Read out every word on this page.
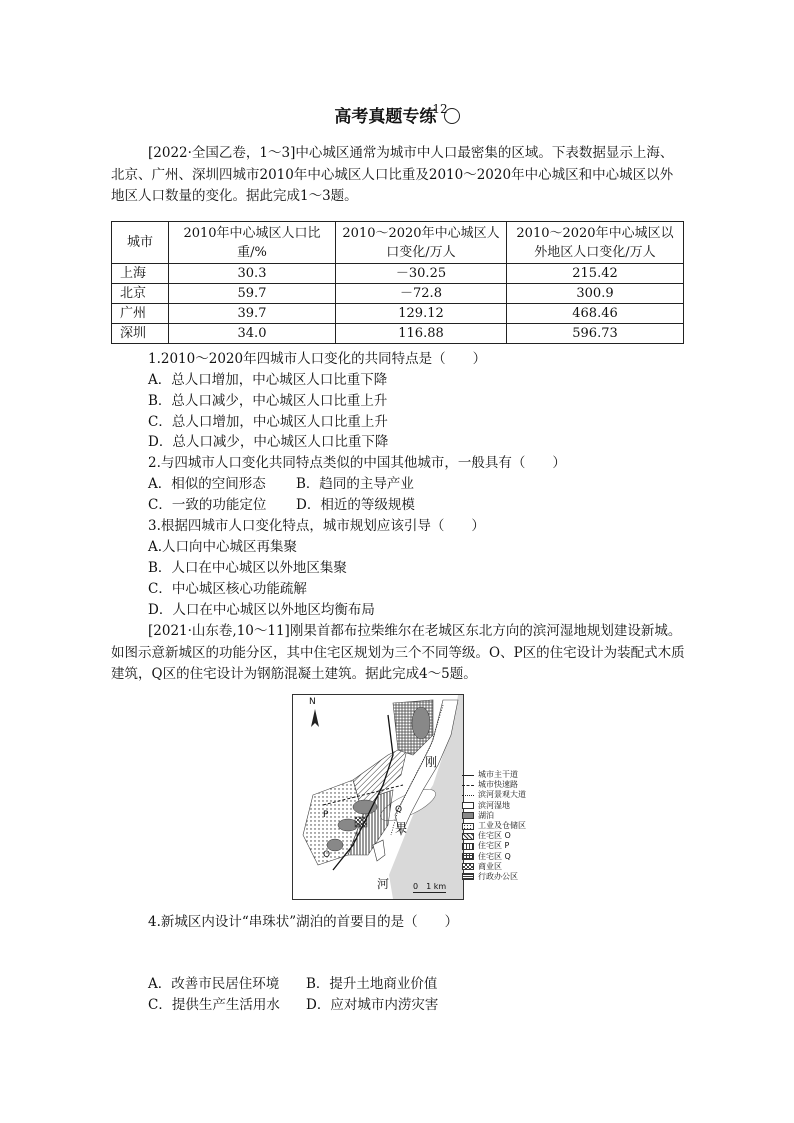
高考真题专练$^{12}$
[2022·全国乙卷，1～3]中心城区通常为城市中人口最密集的区域。下表数据显示上海、北京、广州、深圳四城市2010年中心城区人口比重及2010～2020年中心城区和中心城区以外地区人口数量的变化。据此完成1～3题。
城市	2010年中心城区人口比重/%	2010～2020年中心城区人口变化/万人	2010～2020年中心城区以外地区人口变化/万人
上海	30.3	－30.25	215.42
北京	59.7	－72.8	300.9
广州	39.7	129.12	468.46
深圳	34.0	116.88	596.73
1.2010～2020年四城市人口变化的共同特点是（　　）
A．总人口增加，中心城区人口比重下降
B．总人口减少，中心城区人口比重上升
C．总人口增加，中心城区人口比重上升
D．总人口减少，中心城区人口比重下降
2.与四城市人口变化共同特点类似的中国其他城市，一般具有（　　）
A．相似的空间形态 B．趋同的主导产业
C．一致的功能定位 D．相近的等级规模
3.根据四城市人口变化特点，城市规划应该引导（　　）
A.人口向中心城区再集聚
B．人口在中心城区以外地区集聚
C．中心城区核心功能疏解
D．人口在中心城区以外地区均衡布局
[2021·山东卷,10～11]刚果首都布拉柴维尔在老城区东北方向的滨河湿地规划建设新城。如图示意新城区的功能分区，其中住宅区规划为三个不同等级。O、P区的住宅设计为装配式木质建筑，Q区的住宅设计为钢筋混凝土建筑。据此完成4～5题。
N
刚
果
河
P	Q
O
0　1 km
城市主干道
城市快速路
滨河景观大道
滨河湿地
湖泊
工业及仓储区
住宅区 O
住宅区 P
住宅区 Q
商业区
行政办公区
4.新城区内设计“串珠状”湖泊的首要目的是（　　）
A．改善市民居住环境 B．提升土地商业价值
C．提供生产生活用水 D．应对城市内涝灾害
